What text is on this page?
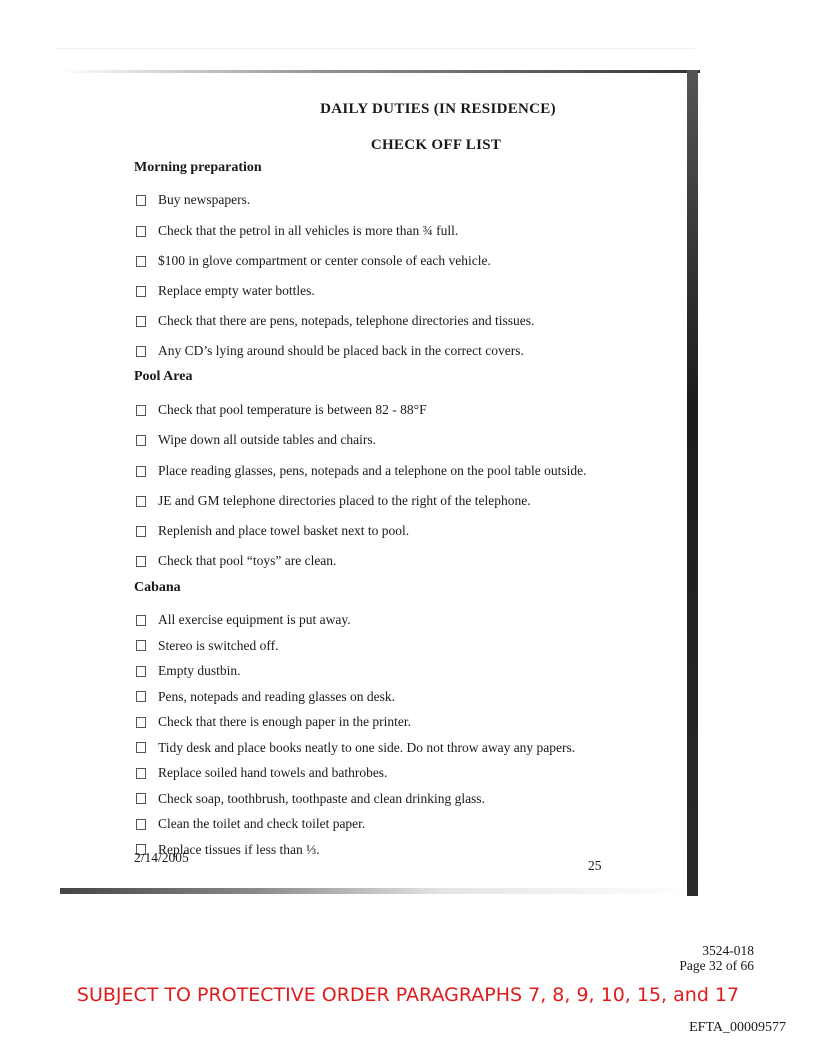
DAILY DUTIES (IN RESIDENCE)
CHECK OFF LIST
Morning preparation
Buy newspapers.
Check that the petrol in all vehicles is more than ¾ full.
$100 in glove compartment or center console of each vehicle.
Replace empty water bottles.
Check that there are pens, notepads, telephone directories and tissues.
Any CD’s lying around should be placed back in the correct covers.
Pool Area
Check that pool temperature is between 82 - 88°F
Wipe down all outside tables and chairs.
Place reading glasses, pens, notepads and a telephone on the pool table outside.
JE and GM telephone directories placed to the right of the telephone.
Replenish and place towel basket next to pool.
Check that pool “toys” are clean.
Cabana
All exercise equipment is put away.
Stereo is switched off.
Empty dustbin.
Pens, notepads and reading glasses on desk.
Check that there is enough paper in the printer.
Tidy desk and place books neatly to one side. Do not throw away any papers.
Replace soiled hand towels and bathrobes.
Check soap, toothbrush, toothpaste and clean drinking glass.
Clean the toilet and check toilet paper.
Replace tissues if less than ⅓.
2/14/2005
25
3524-018
Page 32 of 66
SUBJECT TO PROTECTIVE ORDER PARAGRAPHS 7, 8, 9, 10, 15, and 17
EFTA_00009577
